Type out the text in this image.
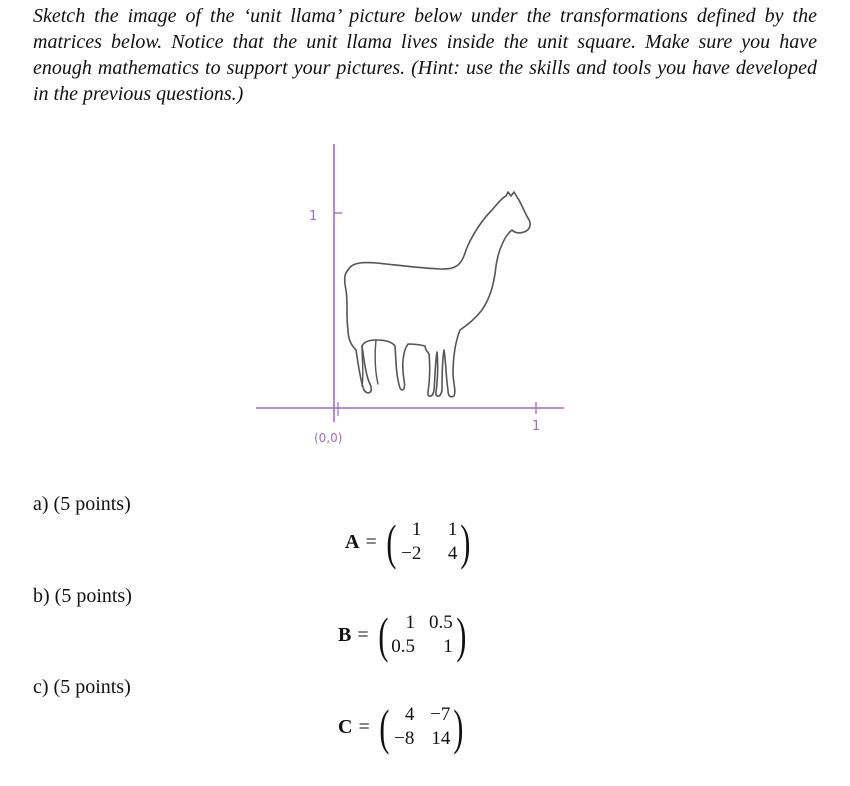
Sketch the image of the ‘unit llama’ picture below under the transformations defined by the matrices below. Notice that the unit llama lives inside the unit square. Make sure you have enough mathematics to support your pictures. (Hint: use the skills and tools you have developed in the previous questions.)
1
1
(0,0)
a) (5 points)
A = ( 1	1
−2	4 )
b) (5 points)
B = ( 1 0.5
0.5	1 )
c) (5 points)
C = ( 4 −7
−8 14 )
